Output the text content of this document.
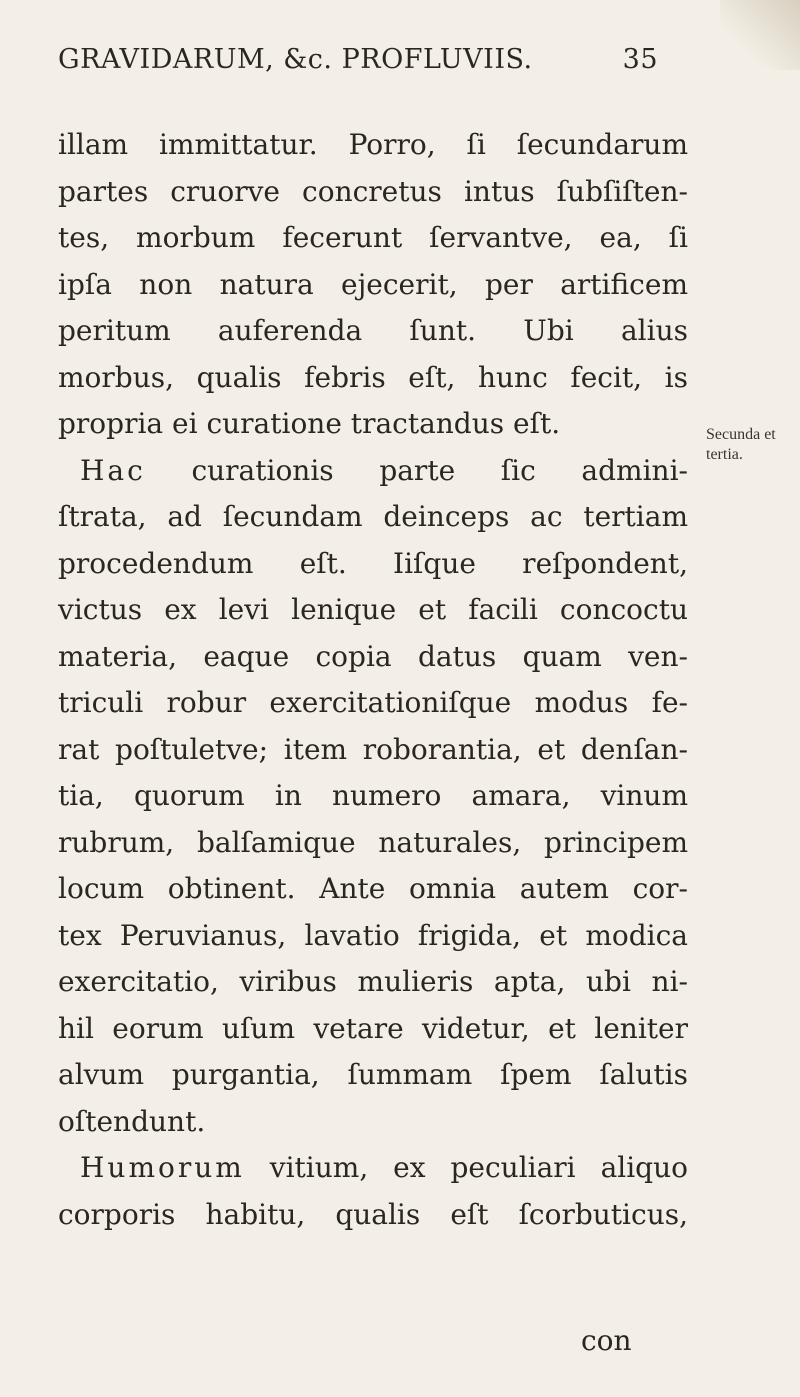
GRAVIDARUM, &c. PROFLUVIIS.	35
illam immittatur. Porro, ſi ſecundarum
partes cruorve concretus intus ſubſiſten-
tes, morbum fecerunt ſervantve, ea, ſi
ipſa non natura ejecerit, per artificem
peritum auferenda ſunt. Ubi alius
morbus, qualis febris eſt, hunc fecit, is
propria ei curatione tractandus eſt.
Hac curationis parte ſic admini-
ſtrata, ad ſecundam deinceps ac tertiam
procedendum eſt. Iiſque reſpondent,
victus ex levi lenique et facili concoctu
materia, eaque copia datus quam ven-
triculi robur exercitationiſque modus fe-
rat poſtuletve; item roborantia, et denſan-
tia, quorum in numero amara, vinum
rubrum, balſamique naturales, principem
locum obtinent. Ante omnia autem cor-
tex Peruvianus, lavatio frigida, et modica
exercitatio, viribus mulieris apta, ubi ni-
hil eorum uſum vetare videtur, et leniter
alvum purgantia, ſummam ſpem ſalutis
oſtendunt.
Humorum vitium, ex peculiari aliquo
corporis habitu, qualis eſt ſcorbuticus,
Secunda et
tertia.
con
